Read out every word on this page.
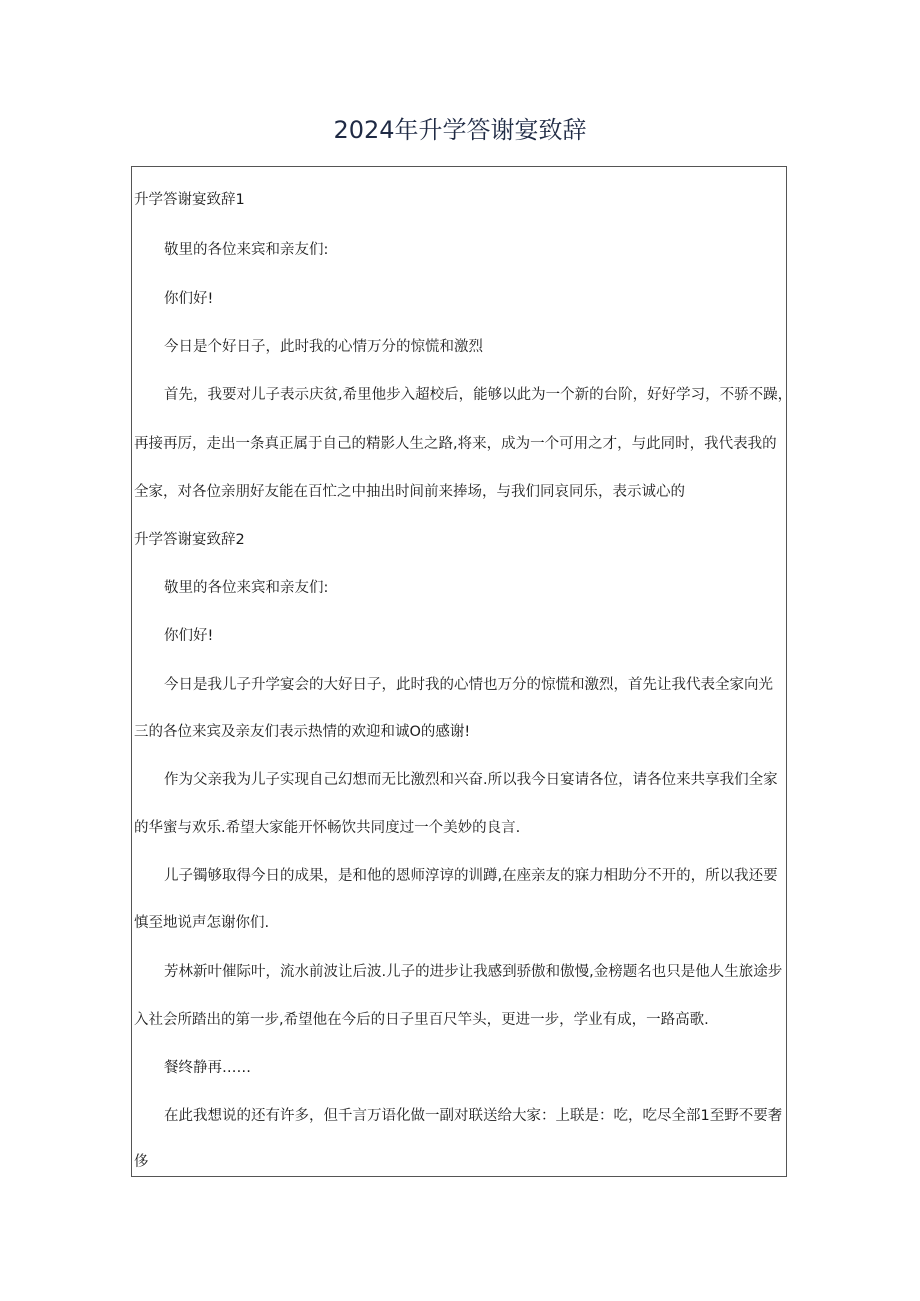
2024年升学答谢宴致辞
升学答谢宴致辞1
敬里的各位来宾和亲友们:
你们好!
今日是个好日子，此时我的心情万分的惊慌和激烈
首先，我要对儿子表示庆贫,希里他步入超校后，能够以此为一个新的台阶，好好学习，不骄不躁，
再接再厉，走出一条真正属于自己的精影人生之路,将来，成为一个可用之才，与此同时，我代表我的
全家，对各位亲朋好友能在百忙之中抽出时间前来捧场，与我们同哀同乐，表示诚心的
升学答谢宴致辞2
敬里的各位来宾和亲友们:
你们好!
今日是我儿子升学宴会的大好日子，此时我的心情也万分的惊慌和激烈，首先让我代表全家向光
三的各位来宾及亲友们表示热情的欢迎和诚O的感谢!
作为父亲我为儿子实现自己幻想而无比激烈和兴奋.所以我今日宴请各位，请各位来共享我们全家
的华蜜与欢乐.希望大家能开怀畅饮共同度过一个美妙的良言.
儿子镯够取得今日的成果，是和他的恩师淳谆的训蹲,在座亲友的寐力相助分不开的，所以我还要
慎至地说声怎谢你们.
芳林新叶催际叶，流水前波让后波.儿子的进步让我感到骄傲和傲慢,金榜题名也只是他人生旅途步
入社会所踏出的第一步,希望他在今后的日子里百尺竿头，更进一步，学业有成，一路高歌.
餐终静再……
在此我想说的还有许多，但千言万语化做一副对联送给大家：上联是：吃，吃尽全部1至野不要奢
侈
